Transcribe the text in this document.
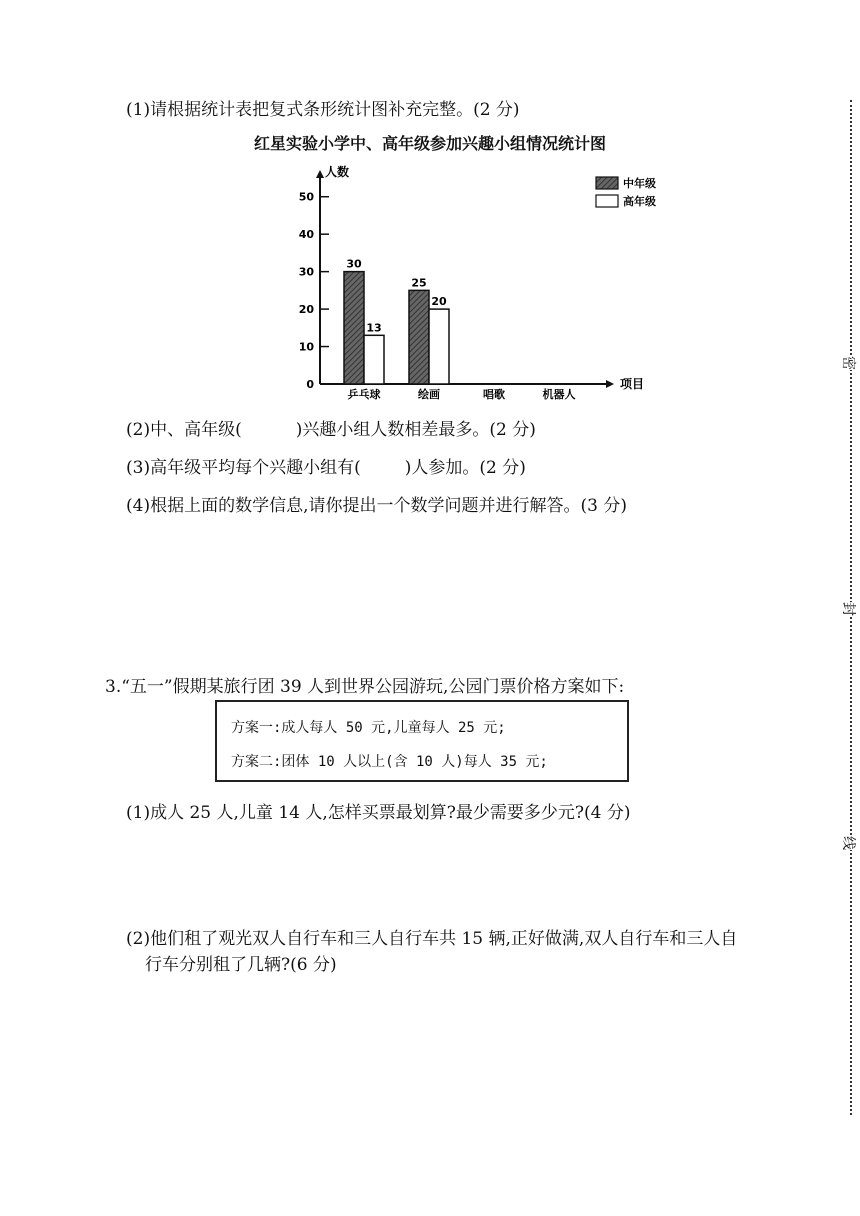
(1)请根据统计表把复式条形统计图补充完整。(2 分)
红星实验小学中、高年级参加兴趣小组情况统计图
人数
项目
0
10
20
30
40
50
30
13
乒乓球
25
20
绘画	唱歌	机器人
中年级
高年级
(2)中、高年级(	)兴趣小组人数相差最多。(2 分)
(3)高年级平均每个兴趣小组有(	)人参加。(2 分)
(4)根据上面的数学信息,请你提出一个数学问题并进行解答。(3 分)
3.“五一”假期某旅行团 39 人到世界公园游玩,公园门票价格方案如下:
方案一:成人每人 50 元,儿童每人 25 元;
方案二:团体 10 人以上(含 10 人)每人 35 元;
(1)成人 25 人,儿童 14 人,怎样买票最划算?最少需要多少元?(4 分)
(2)他们租了观光双人自行车和三人自行车共 15 辆,正好做满,双人自行车和三人自
行车分别租了几辆?(6 分)
密
封
线
